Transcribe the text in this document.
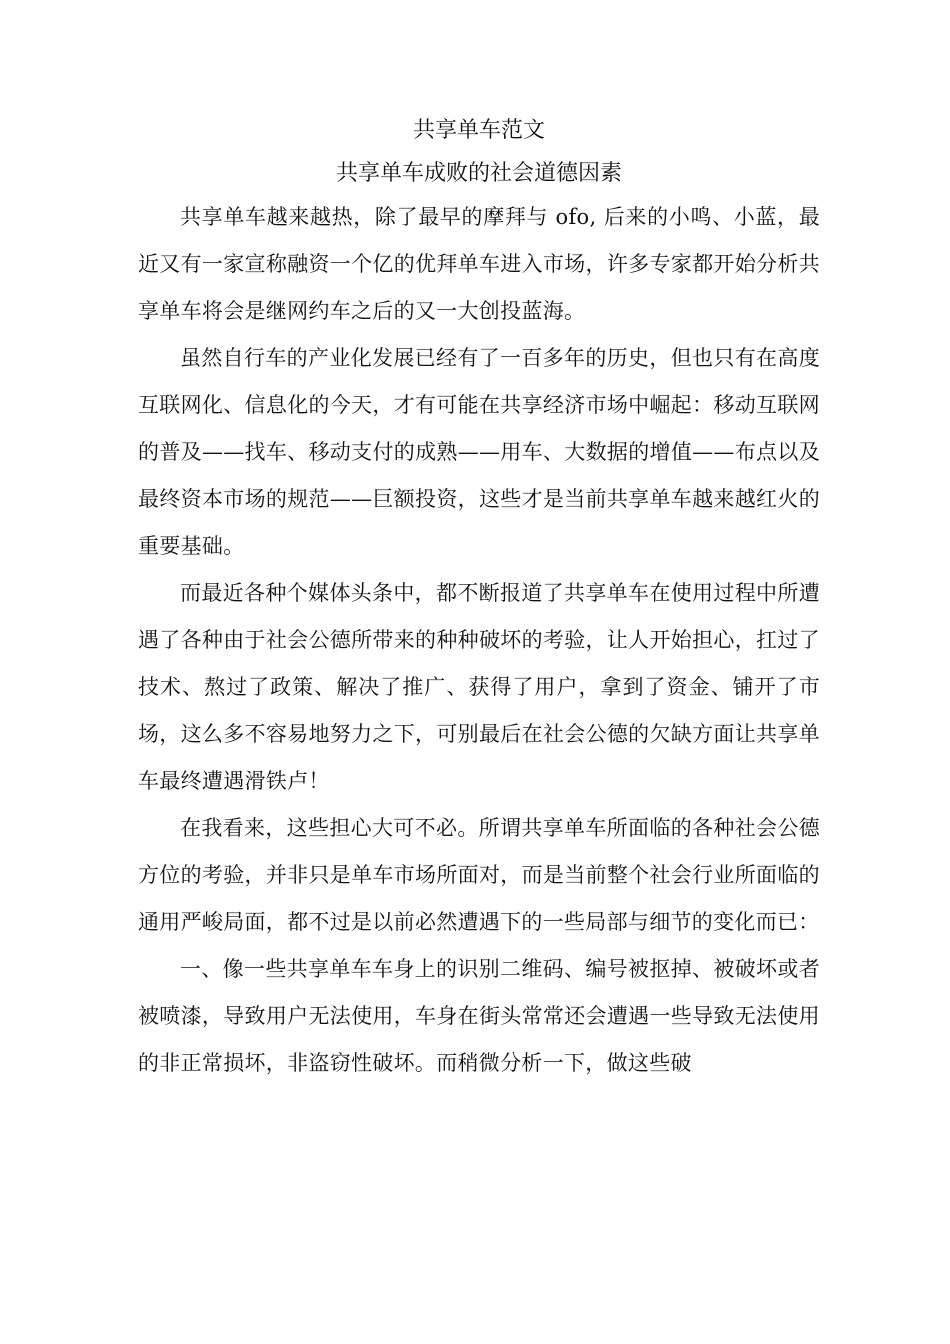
共享单车范文
共享单车成败的社会道德因素

共享单车越来越热，除了最早的摩拜与 ofo, 后来的小鸣、小蓝，最近又有一家宣称融资一个亿的优拜单车进入市场，许多专家都开始分析共享单车将会是继网约车之后的又一大创投蓝海。

虽然自行车的产业化发展已经有了一百多年的历史，但也只有在高度互联网化、信息化的今天，才有可能在共享经济市场中崛起：移动互联网的普及——找车、移动支付的成熟——用车、大数据的增值——布点以及最终资本市场的规范——巨额投资，这些才是当前共享单车越来越红火的重要基础。

而最近各种个媒体头条中，都不断报道了共享单车在使用过程中所遭遇了各种由于社会公德所带来的种种破坏的考验，让人开始担心，扛过了技术、熬过了政策、解决了推广、获得了用户，拿到了资金、铺开了市场，这么多不容易地努力之下，可别最后在社会公德的欠缺方面让共享单车最终遭遇滑铁卢！

在我看来，这些担心大可不必。所谓共享单车所面临的各种社会公德方位的考验，并非只是单车市场所面对，而是当前整个社会行业所面临的通用严峻局面，都不过是以前必然遭遇下的一些局部与细节的变化而已：

一、像一些共享单车车身上的识别二维码、编号被抠掉、被破坏或者被喷漆，导致用户无法使用，车身在街头常常还会遭遇一些导致无法使用的非正常损坏，非盗窃性破坏。而稍微分析一下，做这些破
